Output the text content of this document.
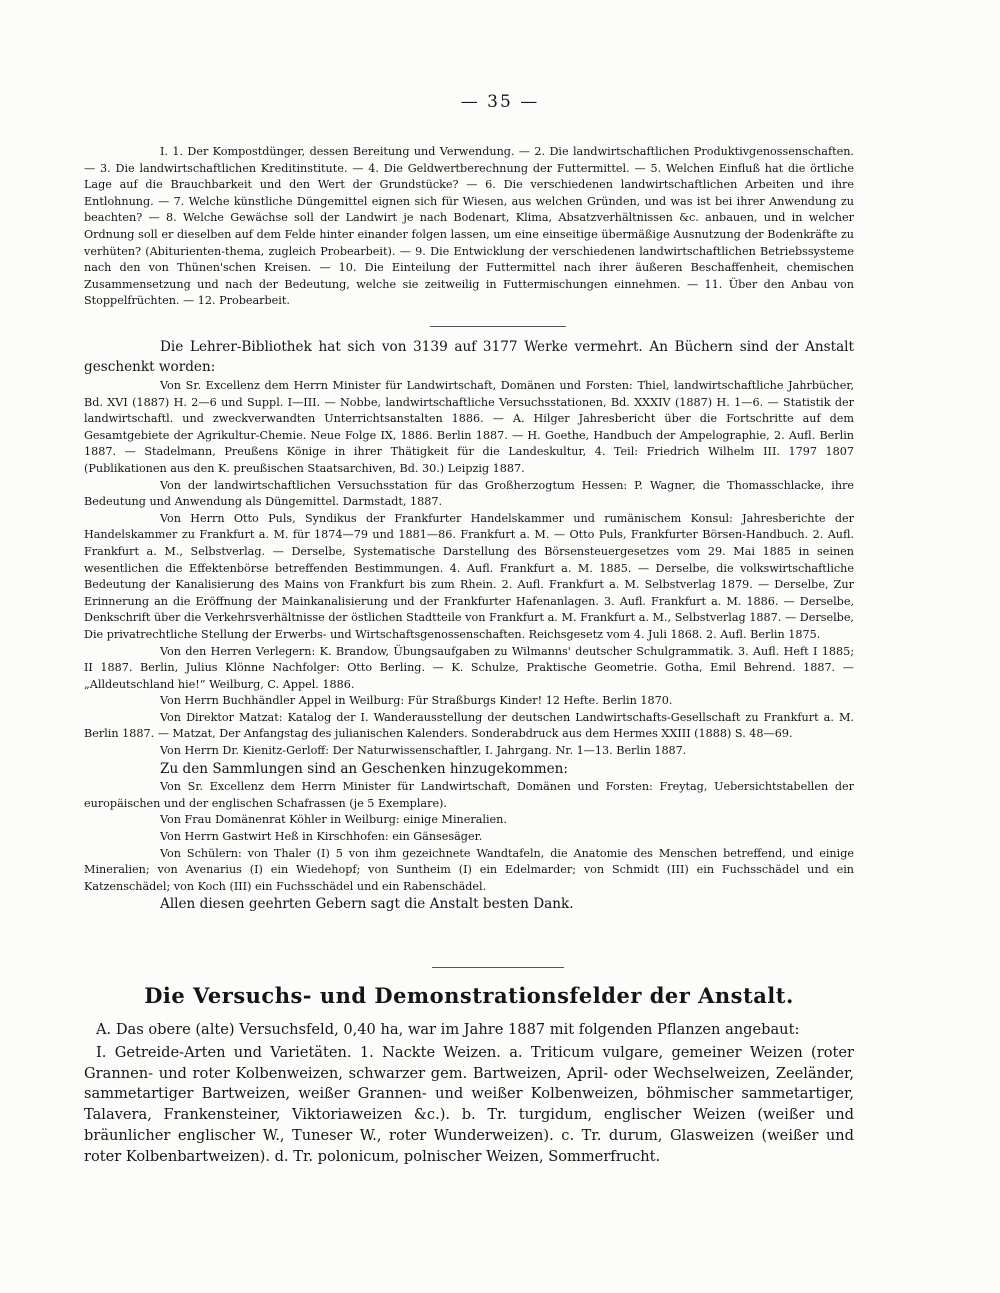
— 35 —

I. 1. Der Kompostdünger, dessen Bereitung und Verwendung. — 2. Die landwirtschaftlichen Produktivgenossenschaften. — 3. Die landwirtschaftlichen Kreditinstitute. — 4. Die Geldwertberechnung der Futtermittel. — 5. Welchen Einfluß hat die örtliche Lage auf die Brauchbarkeit und den Wert der Grundstücke? — 6. Die verschiedenen landwirtschaftlichen Arbeiten und ihre Entlohnung. — 7. Welche künstliche Düngemittel eignen sich für Wiesen, aus welchen Gründen, und was ist bei ihrer Anwendung zu beachten? — 8. Welche Gewächse soll der Landwirt je nach Bodenart, Klima, Absatzverhältnissen &c. anbauen, und in welcher Ordnung soll er dieselben auf dem Felde hinter einander folgen lassen, um eine einseitige übermäßige Ausnutzung der Bodenkräfte zu verhüten? (Abiturienten-thema, zugleich Probearbeit). — 9. Die Entwicklung der verschiedenen landwirtschaftlichen Betriebssysteme nach den von Thünen'schen Kreisen. — 10. Die Einteilung der Futtermittel nach ihrer äußeren Beschaffenheit, chemischen Zusammensetzung und nach der Bedeutung, welche sie zeitweilig in Futtermischungen einnehmen. — 11. Über den Anbau von Stoppelfrüchten. — 12. Probearbeit.

Die Lehrer-Bibliothek hat sich von 3139 auf 3177 Werke vermehrt. An Büchern sind der Anstalt geschenkt worden:

Von Sr. Excellenz dem Herrn Minister für Landwirtschaft, Domänen und Forsten: Thiel, landwirtschaftliche Jahrbücher, Bd. XVI (1887) H. 2—6 und Suppl. I—III. — Nobbe, landwirtschaftliche Versuchsstationen, Bd. XXXIV (1887) H. 1—6. — Statistik der landwirtschaftl. und zweckverwandten Unterrichtsanstalten 1886. — A. Hilger Jahresbericht über die Fortschritte auf dem Gesamtgebiete der Agrikultur-Chemie. Neue Folge IX, 1886. Berlin 1887. — H. Goethe, Handbuch der Ampelographie, 2. Aufl. Berlin 1887. — Stadelmann, Preußens Könige in ihrer Thätigkeit für die Landeskultur, 4. Teil: Friedrich Wilhelm III. 1797 1807 (Publikationen aus den K. preußischen Staatsarchiven, Bd. 30.) Leipzig 1887.

Von der landwirtschaftlichen Versuchsstation für das Großherzogtum Hessen: P. Wagner, die Thomasschlacke, ihre Bedeutung und Anwendung als Düngemittel. Darmstadt, 1887.

Von Herrn Otto Puls, Syndikus der Frankfurter Handelskammer und rumänischem Konsul: Jahresberichte der Handelskammer zu Frankfurt a. M. für 1874—79 und 1881—86. Frankfurt a. M. — Otto Puls, Frankfurter Börsen-Handbuch. 2. Aufl. Frankfurt a. M., Selbstverlag. — Derselbe, Systematische Darstellung des Börsensteuergesetzes vom 29. Mai 1885 in seinen wesentlichen die Effektenbörse betreffenden Bestimmungen. 4. Aufl. Frankfurt a. M. 1885. — Derselbe, die volkswirtschaftliche Bedeutung der Kanalisierung des Mains von Frankfurt bis zum Rhein. 2. Aufl. Frankfurt a. M. Selbstverlag 1879. — Derselbe, Zur Erinnerung an die Eröffnung der Mainkanalisierung und der Frankfurter Hafenanlagen. 3. Aufl. Frankfurt a. M. 1886. — Derselbe, Denkschrift über die Verkehrsverhältnisse der östlichen Stadtteile von Frankfurt a. M. Frankfurt a. M., Selbstverlag 1887. — Derselbe, Die privatrechtliche Stellung der Erwerbs- und Wirtschaftsgenossenschaften. Reichsgesetz vom 4. Juli 1868. 2. Aufl. Berlin 1875.

Von den Herren Verlegern: K. Brandow, Übungsaufgaben zu Wilmanns' deutscher Schulgrammatik. 3. Aufl. Heft I 1885; II 1887. Berlin, Julius Klönne Nachfolger: Otto Berling. — K. Schulze, Praktische Geometrie. Gotha, Emil Behrend. 1887. — „Alldeutschland hie!“ Weilburg, C. Appel. 1886.

Von Herrn Buchhändler Appel in Weilburg: Für Straßburgs Kinder! 12 Hefte. Berlin 1870.

Von Direktor Matzat: Katalog der I. Wanderausstellung der deutschen Landwirtschafts-Gesellschaft zu Frankfurt a. M. Berlin 1887. — Matzat, Der Anfangstag des julianischen Kalenders. Sonderabdruck aus dem Hermes XXIII (1888) S. 48—69.

Von Herrn Dr. Kienitz-Gerloff: Der Naturwissenschaftler, I. Jahrgang. Nr. 1—13. Berlin 1887.

Zu den Sammlungen sind an Geschenken hinzugekommen:

Von Sr. Excellenz dem Herrn Minister für Landwirtschaft, Domänen und Forsten: Freytag, Uebersichtstabellen der europäischen und der englischen Schafrassen (je 5 Exemplare).

Von Frau Domänenrat Köhler in Weilburg: einige Mineralien.

Von Herrn Gastwirt Heß in Kirschhofen: ein Gänsesäger.

Von Schülern: von Thaler (I) 5 von ihm gezeichnete Wandtafeln, die Anatomie des Menschen betreffend, und einige Mineralien; von Avenarius (I) ein Wiedehopf; von Suntheim (I) ein Edelmarder; von Schmidt (III) ein Fuchsschädel und ein Katzenschädel; von Koch (III) ein Fuchsschädel und ein Rabenschädel.

Allen diesen geehrten Gebern sagt die Anstalt besten Dank.

Die Versuchs- und Demonstrationsfelder der Anstalt.

A. Das obere (alte) Versuchsfeld, 0,40 ha, war im Jahre 1887 mit folgenden Pflanzen angebaut:

I. Getreide-Arten und Varietäten. 1. Nackte Weizen. a. Triticum vulgare, gemeiner Weizen (roter Grannen- und roter Kolbenweizen, schwarzer gem. Bartweizen, April- oder Wechselweizen, Zeeländer, sammetartiger Bartweizen, weißer Grannen- und weißer Kolbenweizen, böhmischer sammetartiger, Talavera, Frankensteiner, Viktoriaweizen &c.). b. Tr. turgidum, englischer Weizen (weißer und bräunlicher englischer W., Tuneser W., roter Wunderweizen). c. Tr. durum, Glasweizen (weißer und roter Kolbenbartweizen). d. Tr. polonicum, polnischer Weizen, Sommerfrucht.
